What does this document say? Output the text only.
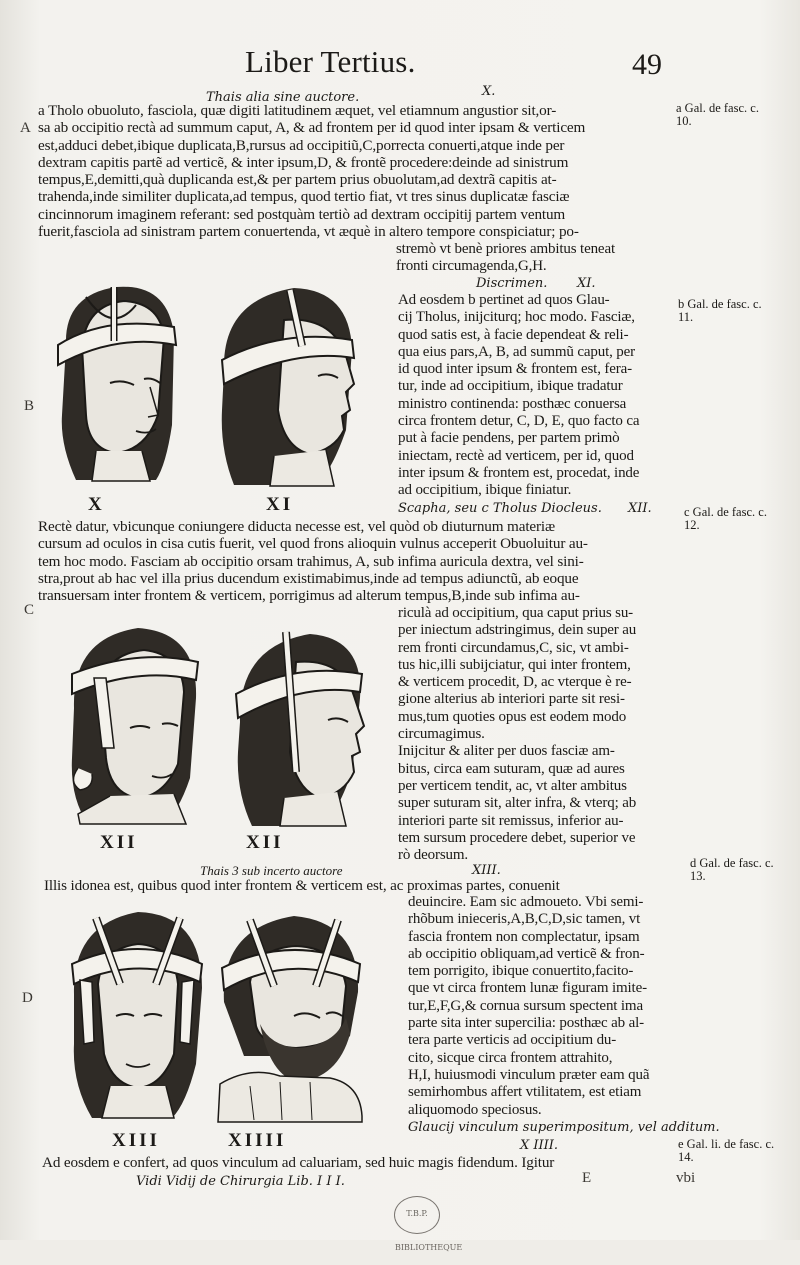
Liber Tertius.	49
Thais alia sine auctore.	X.
A
a Tholo obuoluto, fasciola, quæ digiti latitudinem æquet, vel etiamnum angustior sit,or-
sa ab occipitio rectà ad summum caput, A, & ad frontem per id quod inter ipsam & verticem
est,adduci debet,ibique duplicata,B,rursus ad occipitiũ,C,porrecta conuerti,atque inde per
dextram capitis partẽ ad verticẽ, & inter ipsum,D, & frontẽ procedere:deinde ad sinistrum
tempus,E,demitti,quà duplicanda est,& per partem prius obuolutam,ad dextrã capitis at-
trahenda,inde similiter duplicata,ad tempus, quod tertio fiat, vt tres sinus duplicatæ fasciæ
cincinnorum imaginem referant: sed postquàm tertiò ad dextram occipitij partem ventum
fuerit,fasciola ad sinistram partem conuertenda, vt æquè in altero tempore conspiciatur; po-
stremò vt benè priores ambitus teneat
fronti circumagenda,G,H.
a Gal. de fasc. c. 10.
Discrimen. XI.
Ad eosdem b pertinet ad quos Glau-
cij Tholus, inijciturq; hoc modo. Fasciæ,
quod satis est, à facie dependeat & reli-
qua eius pars,A, B, ad summũ caput, per
id quod inter ipsum & frontem est, fera-
tur, inde ad occipitium, ibique tradatur
ministro continenda: posthæc conuersa
circa frontem detur, C, D, E, quo facto ca
put à facie pendens, per partem primò
iniectam, rectè ad verticem, per id, quod
inter ipsum & frontem est, procedat, inde
ad occipitium, ibique finiatur.
b Gal. de fasc. c. 11.
B
X	XI	Scapha, seu c Tholus Diocleus. XII.	c Gal. de fasc. c. 12.
Rectè datur, vbicunque coniungere diducta necesse est, vel quòd ob diuturnum materiæ
cursum ad oculos in cisa cutis fuerit, vel quod frons alioquin vulnus acceperit Obuoluitur au-
tem hoc modo. Fasciam ab occipitio orsam trahimus, A, sub infima auricula dextra, vel sini-
stra,prout ab hac vel illa prius ducendum existimabimus,inde ad tempus adiunctũ, ab eoque
transuersam inter frontem & verticem, porrigimus ad alterum tempus,B,inde sub infima au-
C	riculà ad occipitium, qua caput prius su-
per iniectum adstringimus, dein super au
rem fronti circundamus,C, sic, vt ambi-
tus hic,illi subijciatur, qui inter frontem,
& verticem procedit, D, ac vterque è re-
gione alterius ab interiori parte sit resi-
mus,tum quoties opus est eodem modo
circumagimus.
Inijcitur & aliter per duos fasciæ am-
bitus, circa eam suturam, quæ ad aures
per verticem tendit, ac, vt alter ambitus
super suturam sit, alter infra, & vterq; ab
interiori parte sit remissus, inferior au-
tem sursum procedere debet, superior ve
rò deorsum.
XII	XII
Thais 3 sub incerto auctore	XIII.	d Gal. de fasc. c. 13.
Illis idonea est, quibus quod inter frontem & verticem est, ac proximas partes, conuenit
deuincire. Eam sic admoueto. Vbi semi-
rhõbum inieceris,A,B,C,D,sic tamen, vt
fascia frontem non complectatur, ipsam
ab occipitio obliquam,ad verticẽ & fron-
tem porrigito, ibique conuertito,facito-
que vt circa frontem lunæ figuram imite-
tur,E,F,G,& cornua sursum spectent ima
parte sita inter supercilia: posthæc ab al-
tera parte verticis ad occipitium du-
cito, sicque circa frontem attrahito,
H,I, huiusmodi vinculum præter eam quã
semirhombus affert vtilitatem, est etiam
aliquomodo speciosus.
Glaucij vinculum superimpositum, vel additum.
X IIII.
D
XIII	XIIII
Ad eosdem e confert, ad quos vinculum ad caluariam, sed huic magis fidendum. Igitur
e Gal. li. de fasc. c. 14.
Vidi Vidij de Chirurgia Lib. I I I.	E	vbi
T.B.P. BIBLIOTHEQUE
